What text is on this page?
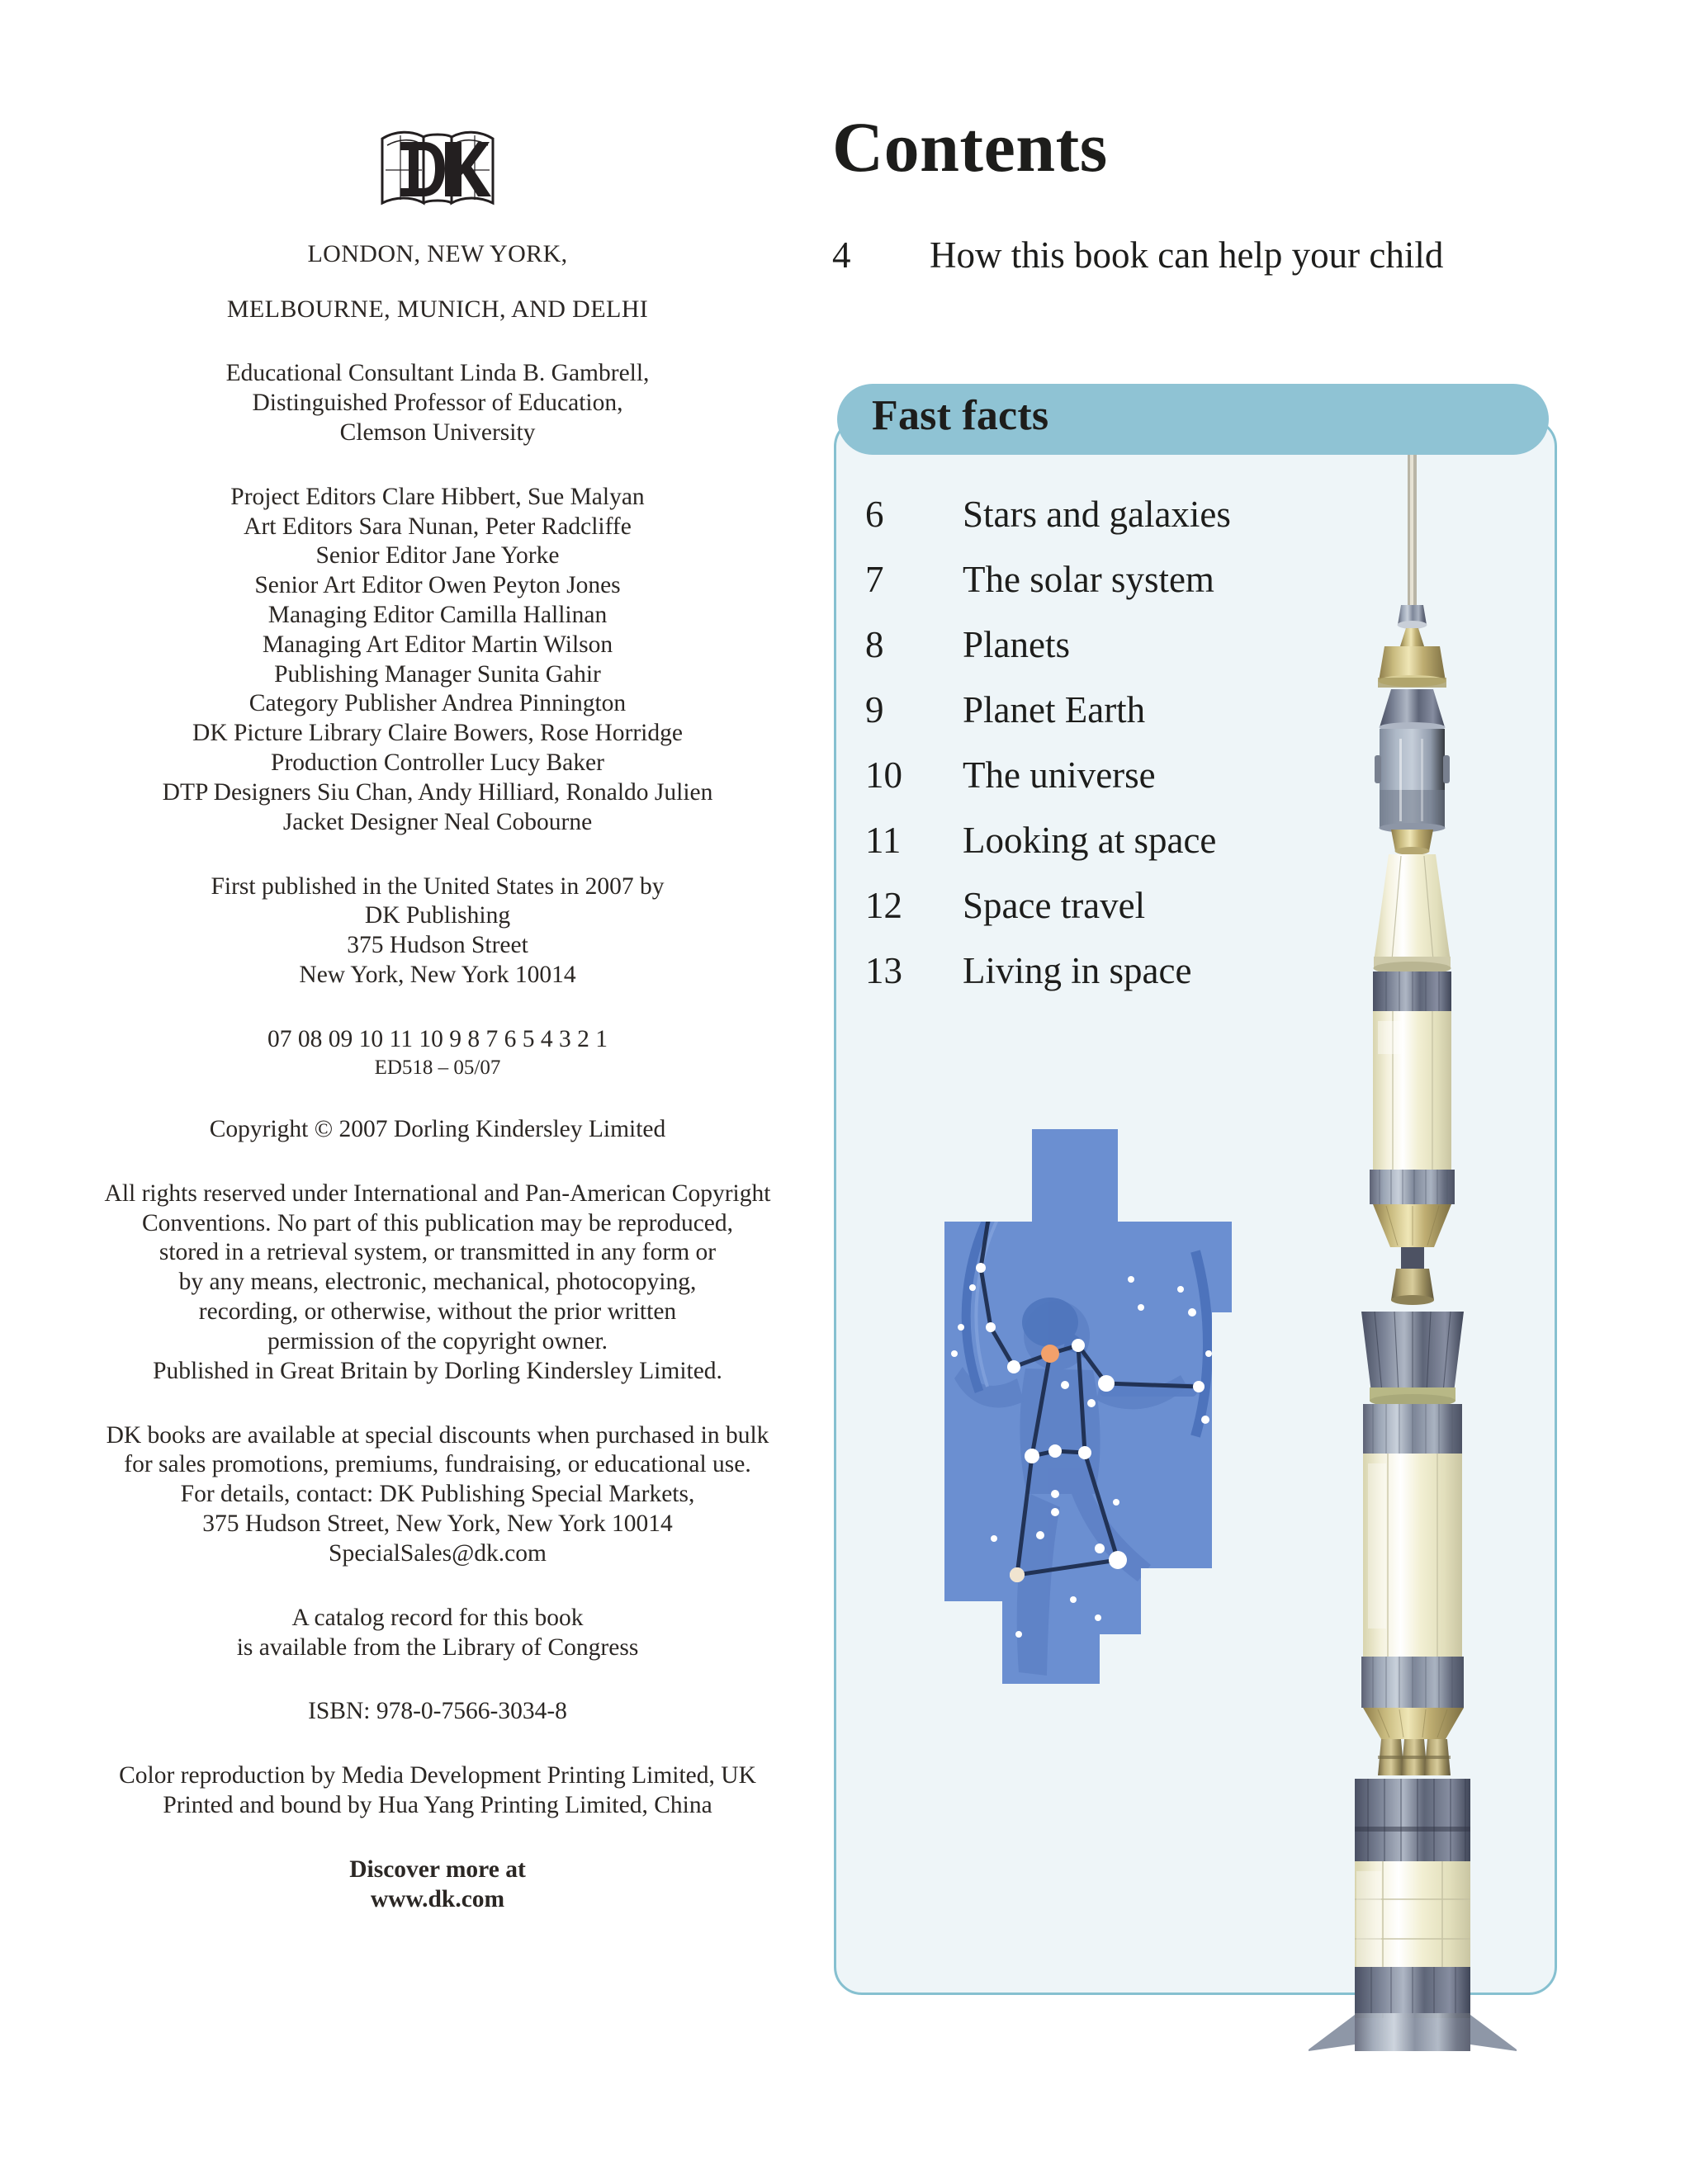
LONDON, NEW YORK,

MELBOURNE, MUNICH, AND DELHI

Educational Consultant Linda B. Gambrell,

Distinguished Professor of Education,

Clemson University

Project Editors Clare Hibbert, Sue Malyan

Art Editors Sara Nunan, Peter Radcliffe

Senior Editor Jane Yorke

Senior Art Editor Owen Peyton Jones

Managing Editor Camilla Hallinan

Managing Art Editor Martin Wilson

Publishing Manager Sunita Gahir

Category Publisher Andrea Pinnington

DK Picture Library Claire Bowers, Rose Horridge

Production Controller Lucy Baker

DTP Designers Siu Chan, Andy Hilliard, Ronaldo Julien

Jacket Designer Neal Cobourne

First published in the United States in 2007 by

DK Publishing

375 Hudson Street

New York, New York 10014

07 08 09 10 11 10 9 8 7 6 5 4 3 2 1

ED518 – 05/07

Copyright © 2007 Dorling Kindersley Limited

All rights reserved under International and Pan-American Copyright

Conventions. No part of this publication may be reproduced,

stored in a retrieval system, or transmitted in any form or

by any means, electronic, mechanical, photocopying,

recording, or otherwise, without the prior written

permission of the copyright owner.

Published in Great Britain by Dorling Kindersley Limited.

DK books are available at special discounts when purchased in bulk

for sales promotions, premiums, fundraising, or educational use.

For details, contact: DK Publishing Special Markets,

375 Hudson Street, New York, New York 10014

SpecialSales@dk.com

A catalog record for this book

is available from the Library of Congress

ISBN: 978-0-7566-3034-8

Color reproduction by Media Development Printing Limited, UK

Printed and bound by Hua Yang Printing Limited, China

Discover more at

www.dk.com

Contents
4	How this book can help your child
Fast facts
6	Stars and galaxies
7	The solar system
8	Planets
9	Planet Earth
10	The universe
11	Looking at space
12	Space travel
13	Living in space
